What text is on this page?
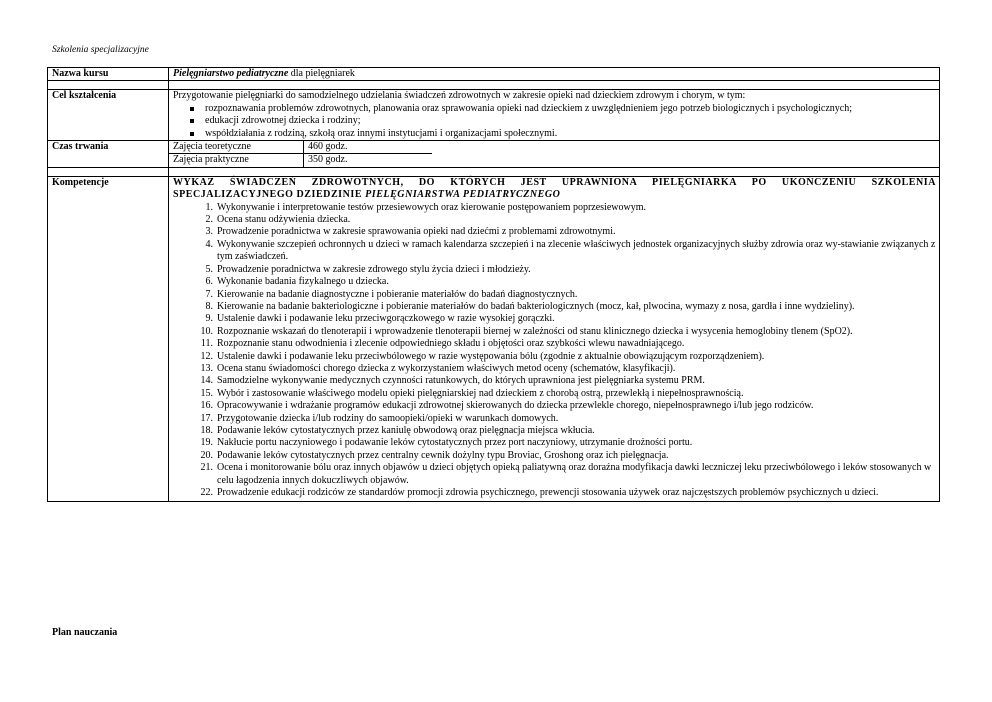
Szkolenia specjalizacyjne
Nazwa kursu	Pielęgniarstwo pediatryczne dla pielęgniarek

Cel kształcenia	Przygotowanie pielęgniarki do samodzielnego udzielania świadczeń zdrowotnych w zakresie opieki nad dzieckiem zdrowym i chorym, w tym:
rozpoznawania problemów zdrowotnych, planowania oraz sprawowania opieki nad dzieckiem z uwzględnieniem jego potrzeb biologicznych i psychologicznych;
edukacji zdrowotnej dziecka i rodziny;
współdziałania z rodziną, szkołą oraz innymi instytucjami i organizacjami społecznymi.

Czas trwania		Zajęcia teoretyczne	460 godz.
Zajęcia praktyczne	350 godz.

Kompetencje	WYKAZ ŚWIADCZEŃ ZDROWOTNYCH, DO KTÓRYCH JEST UPRAWNIONA PIELĘGNIARKA PO UKOŃCZENIU SZKOLENIA
SPECJALIZACYJNEGO DZIEDZINIE PIELĘGNIARSTWA PEDIATRYCZNEGO
1. Wykonywanie i interpretowanie testów przesiewowych oraz kierowanie postępowaniem poprzesiewowym.
2. Ocena stanu odżywienia dziecka.
3. Prowadzenie poradnictwa w zakresie sprawowania opieki nad dziećmi z problemami zdrowotnymi.
4. Wykonywanie szczepień ochronnych u dzieci w ramach kalendarza szczepień i na zlecenie właściwych jednostek organizacyjnych służby zdrowia oraz wy-stawianie związanych z tym zaświadczeń.
5. Prowadzenie poradnictwa w zakresie zdrowego stylu życia dzieci i młodzieży.
6. Wykonanie badania fizykalnego u dziecka.
7. Kierowanie na badanie diagnostyczne i pobieranie materiałów do badań diagnostycznych.
8. Kierowanie na badanie bakteriologiczne i pobieranie materiałów do badań bakteriologicznych (mocz, kał, plwocina, wymazy z nosa, gardła i inne wydzieliny).
9. Ustalenie dawki i podawanie leku przeciwgorączkowego w razie wysokiej gorączki.
10. Rozpoznanie wskazań do tlenoterapii i wprowadzenie tlenoterapii biernej w zależności od stanu klinicznego dziecka i wysycenia hemoglobiny tlenem (SpO2).
11. Rozpoznanie stanu odwodnienia i zlecenie odpowiedniego składu i objętości oraz szybkości wlewu nawadniającego.
12. Ustalenie dawki i podawanie leku przeciwbólowego w razie występowania bólu (zgodnie z aktualnie obowiązującym rozporządzeniem).
13. Ocena stanu świadomości chorego dziecka z wykorzystaniem właściwych metod oceny (schematów, klasyfikacji).
14. Samodzielne wykonywanie medycznych czynności ratunkowych, do których uprawniona jest pielęgniarka systemu PRM.
15. Wybór i zastosowanie właściwego modelu opieki pielęgniarskiej nad dzieckiem z chorobą ostrą, przewlekłą i niepełnosprawnością.
16. Opracowywanie i wdrażanie programów edukacji zdrowotnej skierowanych do dziecka przewlekle chorego, niepełnosprawnego i/lub jego rodziców.
17. Przygotowanie dziecka i/lub rodziny do samoopieki/opieki w warunkach domowych.
18. Podawanie leków cytostatycznych przez kaniulę obwodową oraz pielęgnacja miejsca wkłucia.
19. Nakłucie portu naczyniowego i podawanie leków cytostatycznych przez port naczyniowy, utrzymanie drożności portu.
20. Podawanie leków cytostatycznych przez centralny cewnik dożylny typu Broviac, Groshong oraz ich pielęgnacja.
21. Ocena i monitorowanie bólu oraz innych objawów u dzieci objętych opieką paliatywną oraz doraźna modyfikacja dawki leczniczej leku przeciwbólowego i leków stosowanych w celu łagodzenia innych dokuczliwych objawów.
22. Prowadzenie edukacji rodziców ze standardów promocji zdrowia psychicznego, prewencji stosowania używek oraz najczęstszych problemów psychicznych u dzieci.
Plan nauczania
